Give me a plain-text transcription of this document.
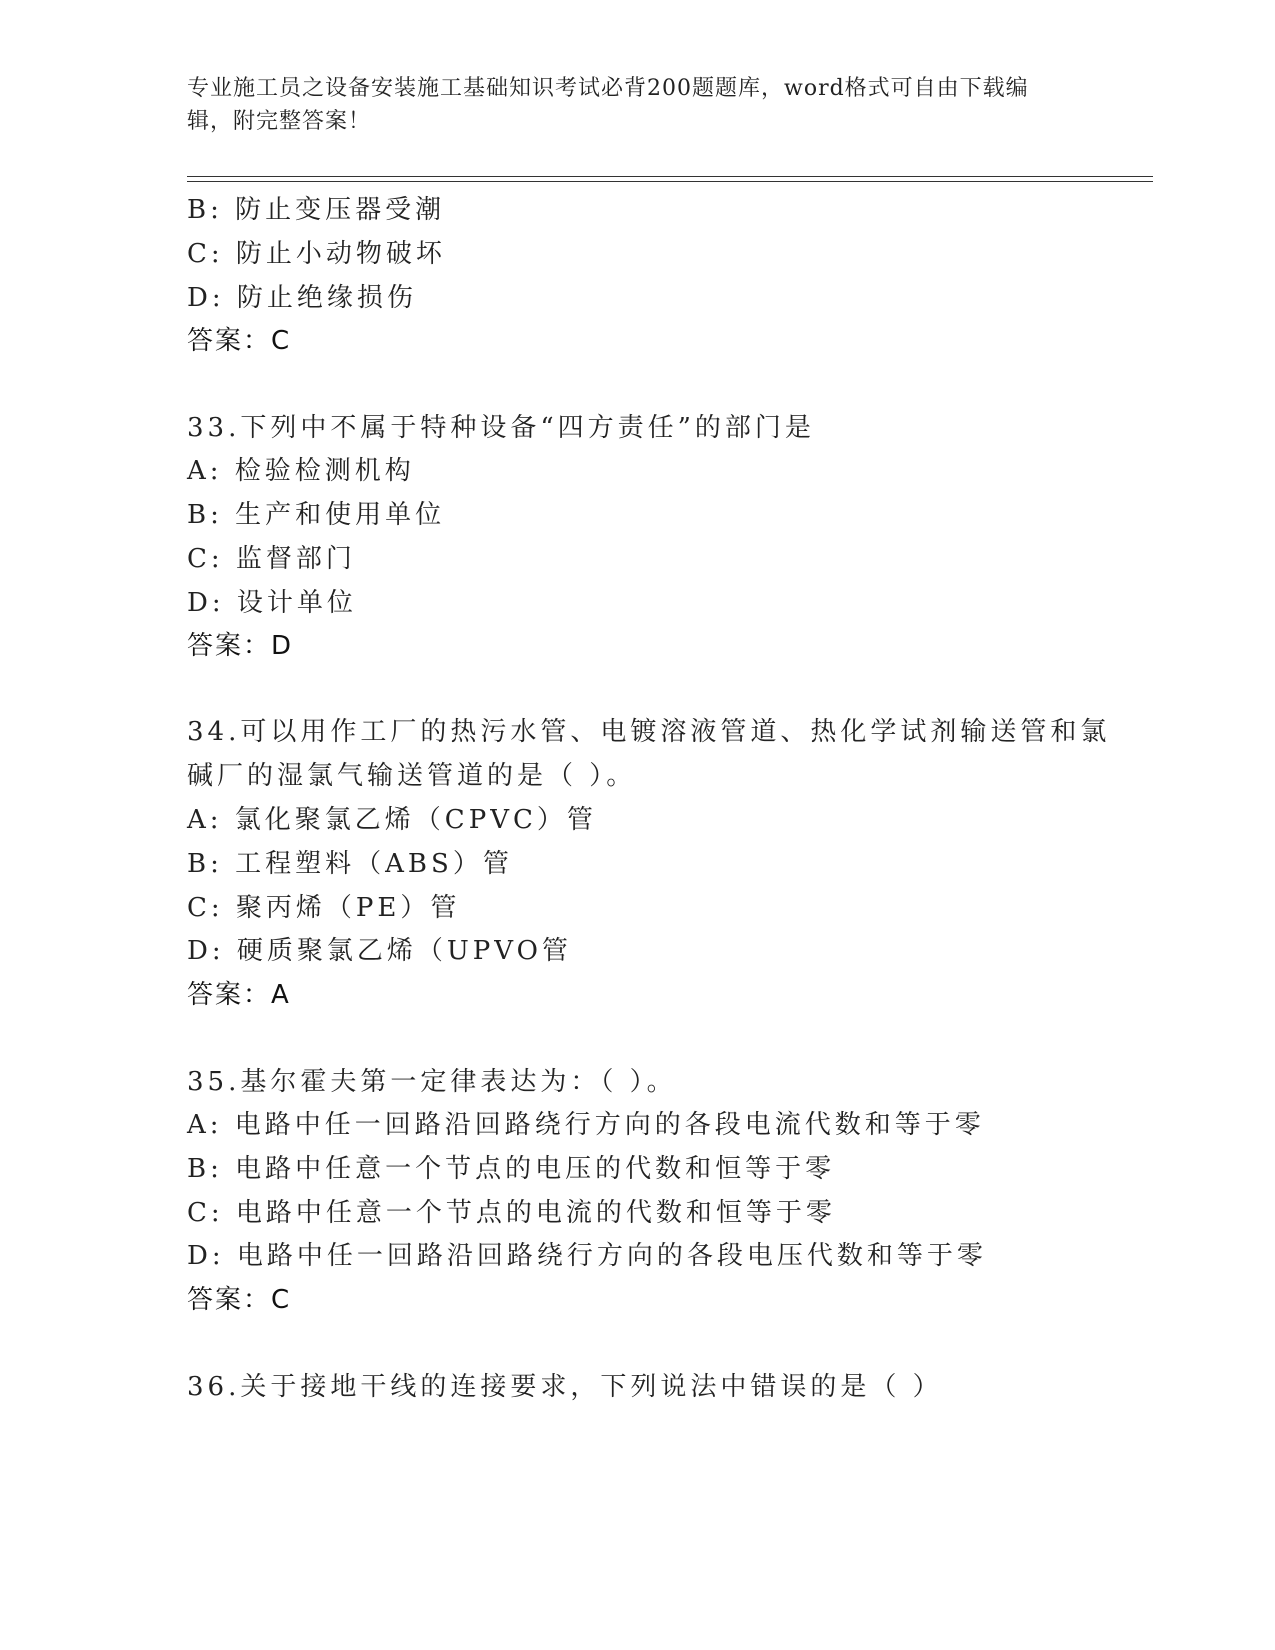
专业施工员之设备安装施工基础知识考试必背200题题库，word格式可自由下载编辑，附完整答案！
B: 防止变压器受潮
C: 防止小动物破坏
D: 防止绝缘损伤
答案：C
33.下列中不属于特种设备“四方责任”的部门是
A: 检验检测机构
B: 生产和使用单位
C: 监督部门
D: 设计单位
答案：D
34.可以用作工厂的热污水管、电镀溶液管道、热化学试剂输送管和氯
碱厂的湿氯气输送管道的是（ ）。
A: 氯化聚氯乙烯（CPVC）管
B: 工程塑料（ABS）管
C: 聚丙烯（PE）管
D: 硬质聚氯乙烯（UPVO管
答案：A
35.基尔霍夫第一定律表达为：（ ）。
A: 电路中任一回路沿回路绕行方向的各段电流代数和等于零
B: 电路中任意一个节点的电压的代数和恒等于零
C: 电路中任意一个节点的电流的代数和恒等于零
D: 电路中任一回路沿回路绕行方向的各段电压代数和等于零
答案：C
36.关于接地干线的连接要求，下列说法中错误的是（ ）
